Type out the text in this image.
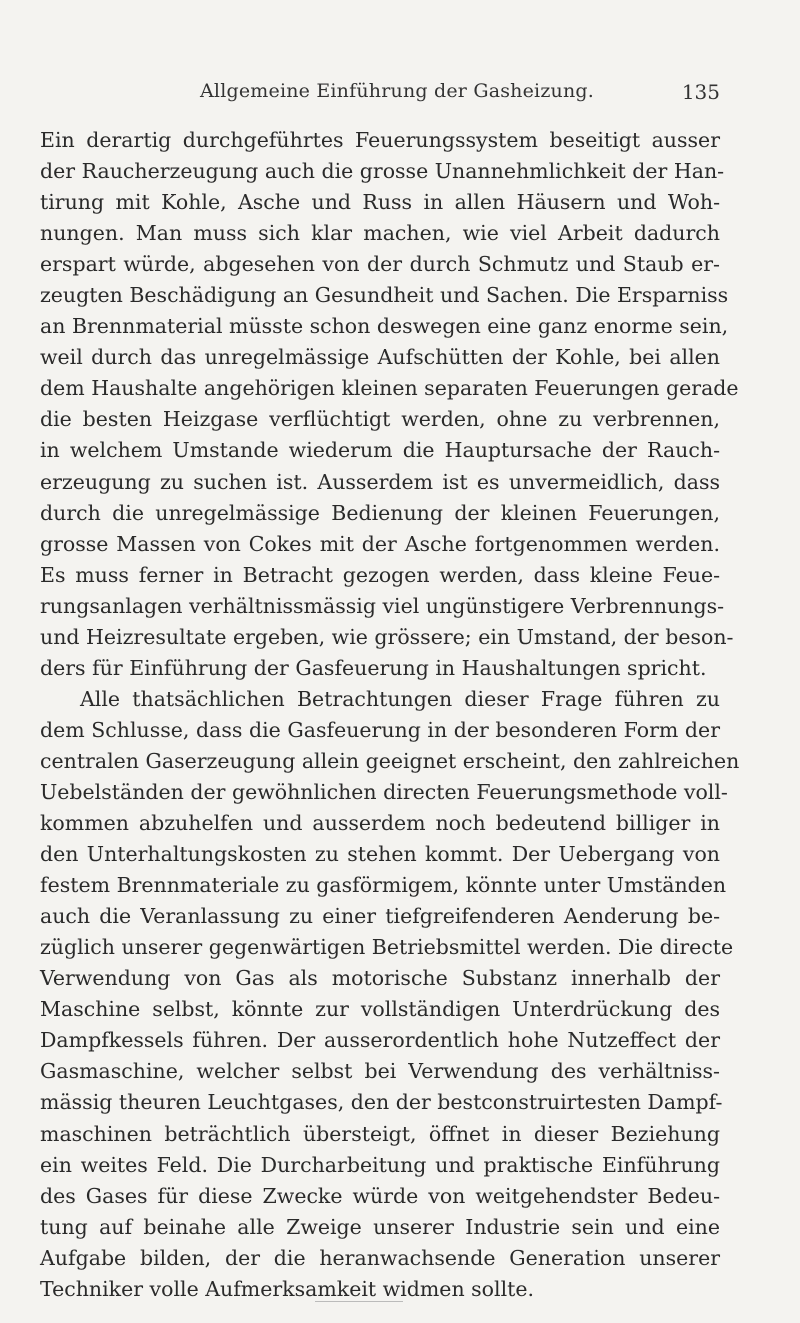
Allgemeine Einführung der Gasheizung.	135

Ein derartig durchgeführtes Feuerungssystem beseitigt ausser
der Raucherzeugung auch die grosse Unannehmlichkeit der Han-
tirung mit Kohle, Asche und Russ in allen Häusern und Woh-
nungen. Man muss sich klar machen, wie viel Arbeit dadurch
erspart würde, abgesehen von der durch Schmutz und Staub er-
zeugten Beschädigung an Gesundheit und Sachen. Die Ersparniss
an Brennmaterial müsste schon deswegen eine ganz enorme sein,
weil durch das unregelmässige Aufschütten der Kohle, bei allen
dem Haushalte angehörigen kleinen separaten Feuerungen gerade
die besten Heizgase verflüchtigt werden, ohne zu verbrennen,
in welchem Umstande wiederum die Hauptursache der Rauch-
erzeugung zu suchen ist. Ausserdem ist es unvermeidlich, dass
durch die unregelmässige Bedienung der kleinen Feuerungen,
grosse Massen von Cokes mit der Asche fortgenommen werden.
Es muss ferner in Betracht gezogen werden, dass kleine Feue-
rungsanlagen verhältnissmässig viel ungünstigere Verbrennungs-
und Heizresultate ergeben, wie grössere; ein Umstand, der beson-
ders für Einführung der Gasfeuerung in Haushaltungen spricht.

Alle thatsächlichen Betrachtungen dieser Frage führen zu
dem Schlusse, dass die Gasfeuerung in der besonderen Form der
centralen Gaserzeugung allein geeignet erscheint, den zahlreichen
Uebelständen der gewöhnlichen directen Feuerungsmethode voll-
kommen abzuhelfen und ausserdem noch bedeutend billiger in
den Unterhaltungskosten zu stehen kommt. Der Uebergang von
festem Brennmateriale zu gasförmigem, könnte unter Umständen
auch die Veranlassung zu einer tiefgreifenderen Aenderung be-
züglich unserer gegenwärtigen Betriebsmittel werden. Die directe
Verwendung von Gas als motorische Substanz innerhalb der
Maschine selbst, könnte zur vollständigen Unterdrückung des
Dampfkessels führen. Der ausserordentlich hohe Nutzeffect der
Gasmaschine, welcher selbst bei Verwendung des verhältniss-
mässig theuren Leuchtgases, den der bestconstruirtesten Dampf-
maschinen beträchtlich übersteigt, öffnet in dieser Beziehung
ein weites Feld. Die Durcharbeitung und praktische Einführung
des Gases für diese Zwecke würde von weitgehendster Bedeu-
tung auf beinahe alle Zweige unserer Industrie sein und eine
Aufgabe bilden, der die heranwachsende Generation unserer
Techniker volle Aufmerksamkeit widmen sollte.
